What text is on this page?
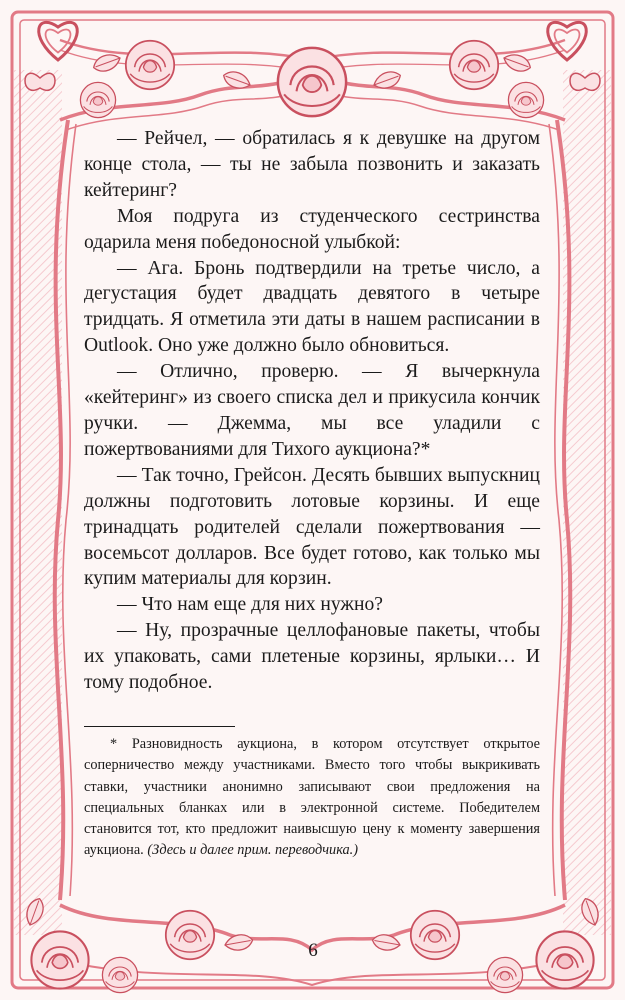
— Рейчел, — обратилась я к девушке на другом конце стола, — ты не забыла позвонить и заказать кейтеринг?

Моя подруга из студенческого сестринства одарила меня победоносной улыбкой:

— Ага. Бронь подтвердили на третье число, а дегустация будет двадцать девятого в четыре тридцать. Я отметила эти даты в нашем расписании в Outlook. Оно уже должно было обновиться.

— Отлично, проверю. — Я вычеркнула «кейтеринг» из своего списка дел и прикусила кончик ручки. — Джемма, мы все уладили с пожертвованиями для Тихого аукциона?*

— Так точно, Грейсон. Десять бывших выпускниц должны подготовить лотовые корзины. И еще тринадцать родителей сделали пожертвования — восемьсот долларов. Все будет готово, как только мы купим материалы для корзин.

— Что нам еще для них нужно?

— Ну, прозрачные целлофановые пакеты, чтобы их упаковать, сами плетеные корзины, ярлыки… И тому подобное.

* Разновидность аукциона, в котором отсутствует открытое соперничество между участниками. Вместо того чтобы выкрикивать ставки, участники анонимно записывают свои предложения на специальных бланках или в электронной системе. Победителем становится тот, кто предложит наивысшую цену к моменту завершения аукциона. (Здесь и далее прим. переводчика.)
6
